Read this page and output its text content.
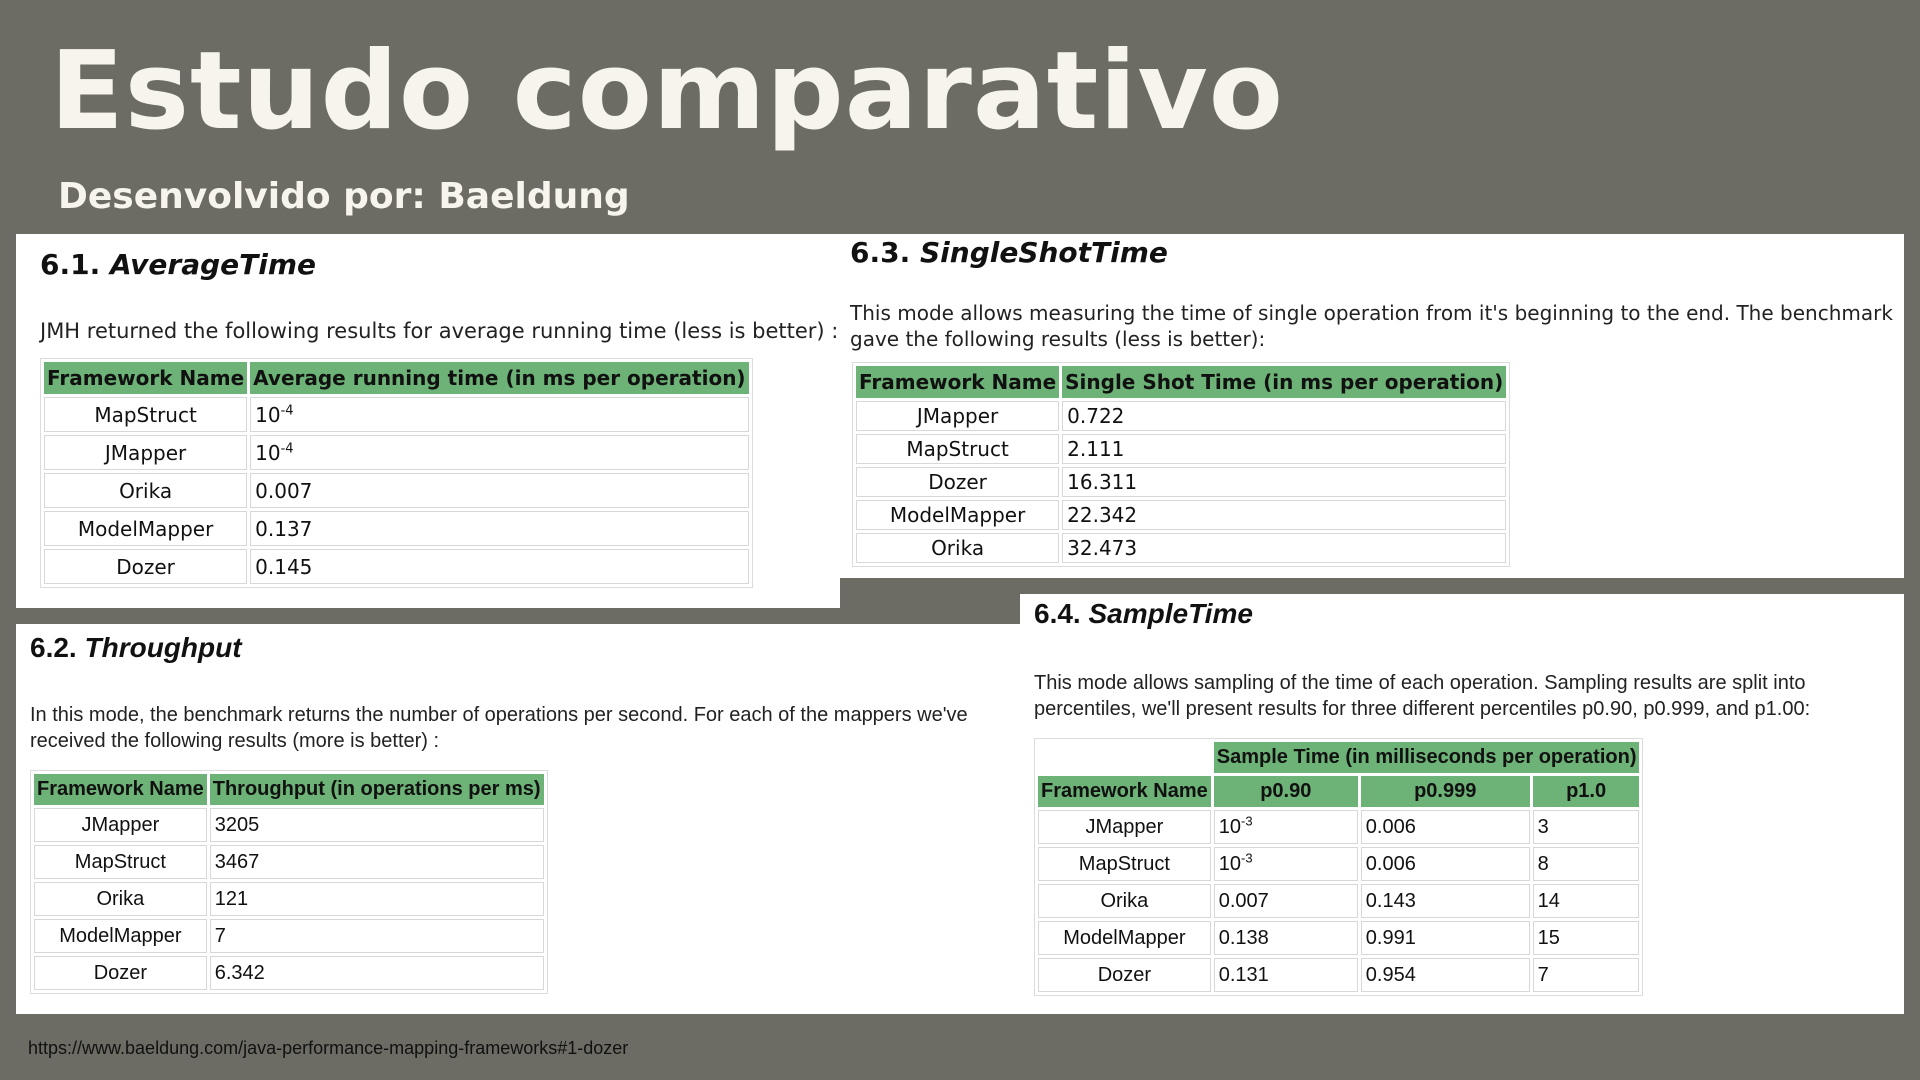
Estudo comparativo
Desenvolvido por: Baeldung
6.1. AverageTime

JMH returned the following results for average running time (less is better) :

Framework Name	Average running time (in ms per operation)
MapStruct	$10^{-4}$
JMapper	$10^{-4}$
Orika	0.007
ModelMapper	0.137
Dozer	0.145
6.3. SingleShotTime

This mode allows measuring the time of single operation from it's beginning to the end. The benchmark gave the following results (less is better):

Framework Name	Single Shot Time (in ms per operation)
JMapper	0.722
MapStruct	2.111
Dozer	16.311
ModelMapper	22.342
Orika	32.473
6.2. Throughput

In this mode, the benchmark returns the number of operations per second. For each of the mappers we've received the following results (more is better) :

Framework Name	Throughput (in operations per ms)
JMapper	3205
MapStruct	3467
Orika	121
ModelMapper	7
Dozer	6.342
6.4. SampleTime

This mode allows sampling of the time of each operation. Sampling results are split into percentiles, we'll present results for three different percentiles p0.90, p0.999, and p1.00:

	Sample Time (in milliseconds per operation)		
Framework Name	p0.90	p0.999	p1.0
JMapper	$10^{-3}$	0.006	3
MapStruct	$10^{-3}$	0.006	8
Orika	0.007	0.143	14
ModelMapper	0.138	0.991	15
Dozer	0.131	0.954	7
https://www.baeldung.com/java-performance-mapping-frameworks#1-dozer
